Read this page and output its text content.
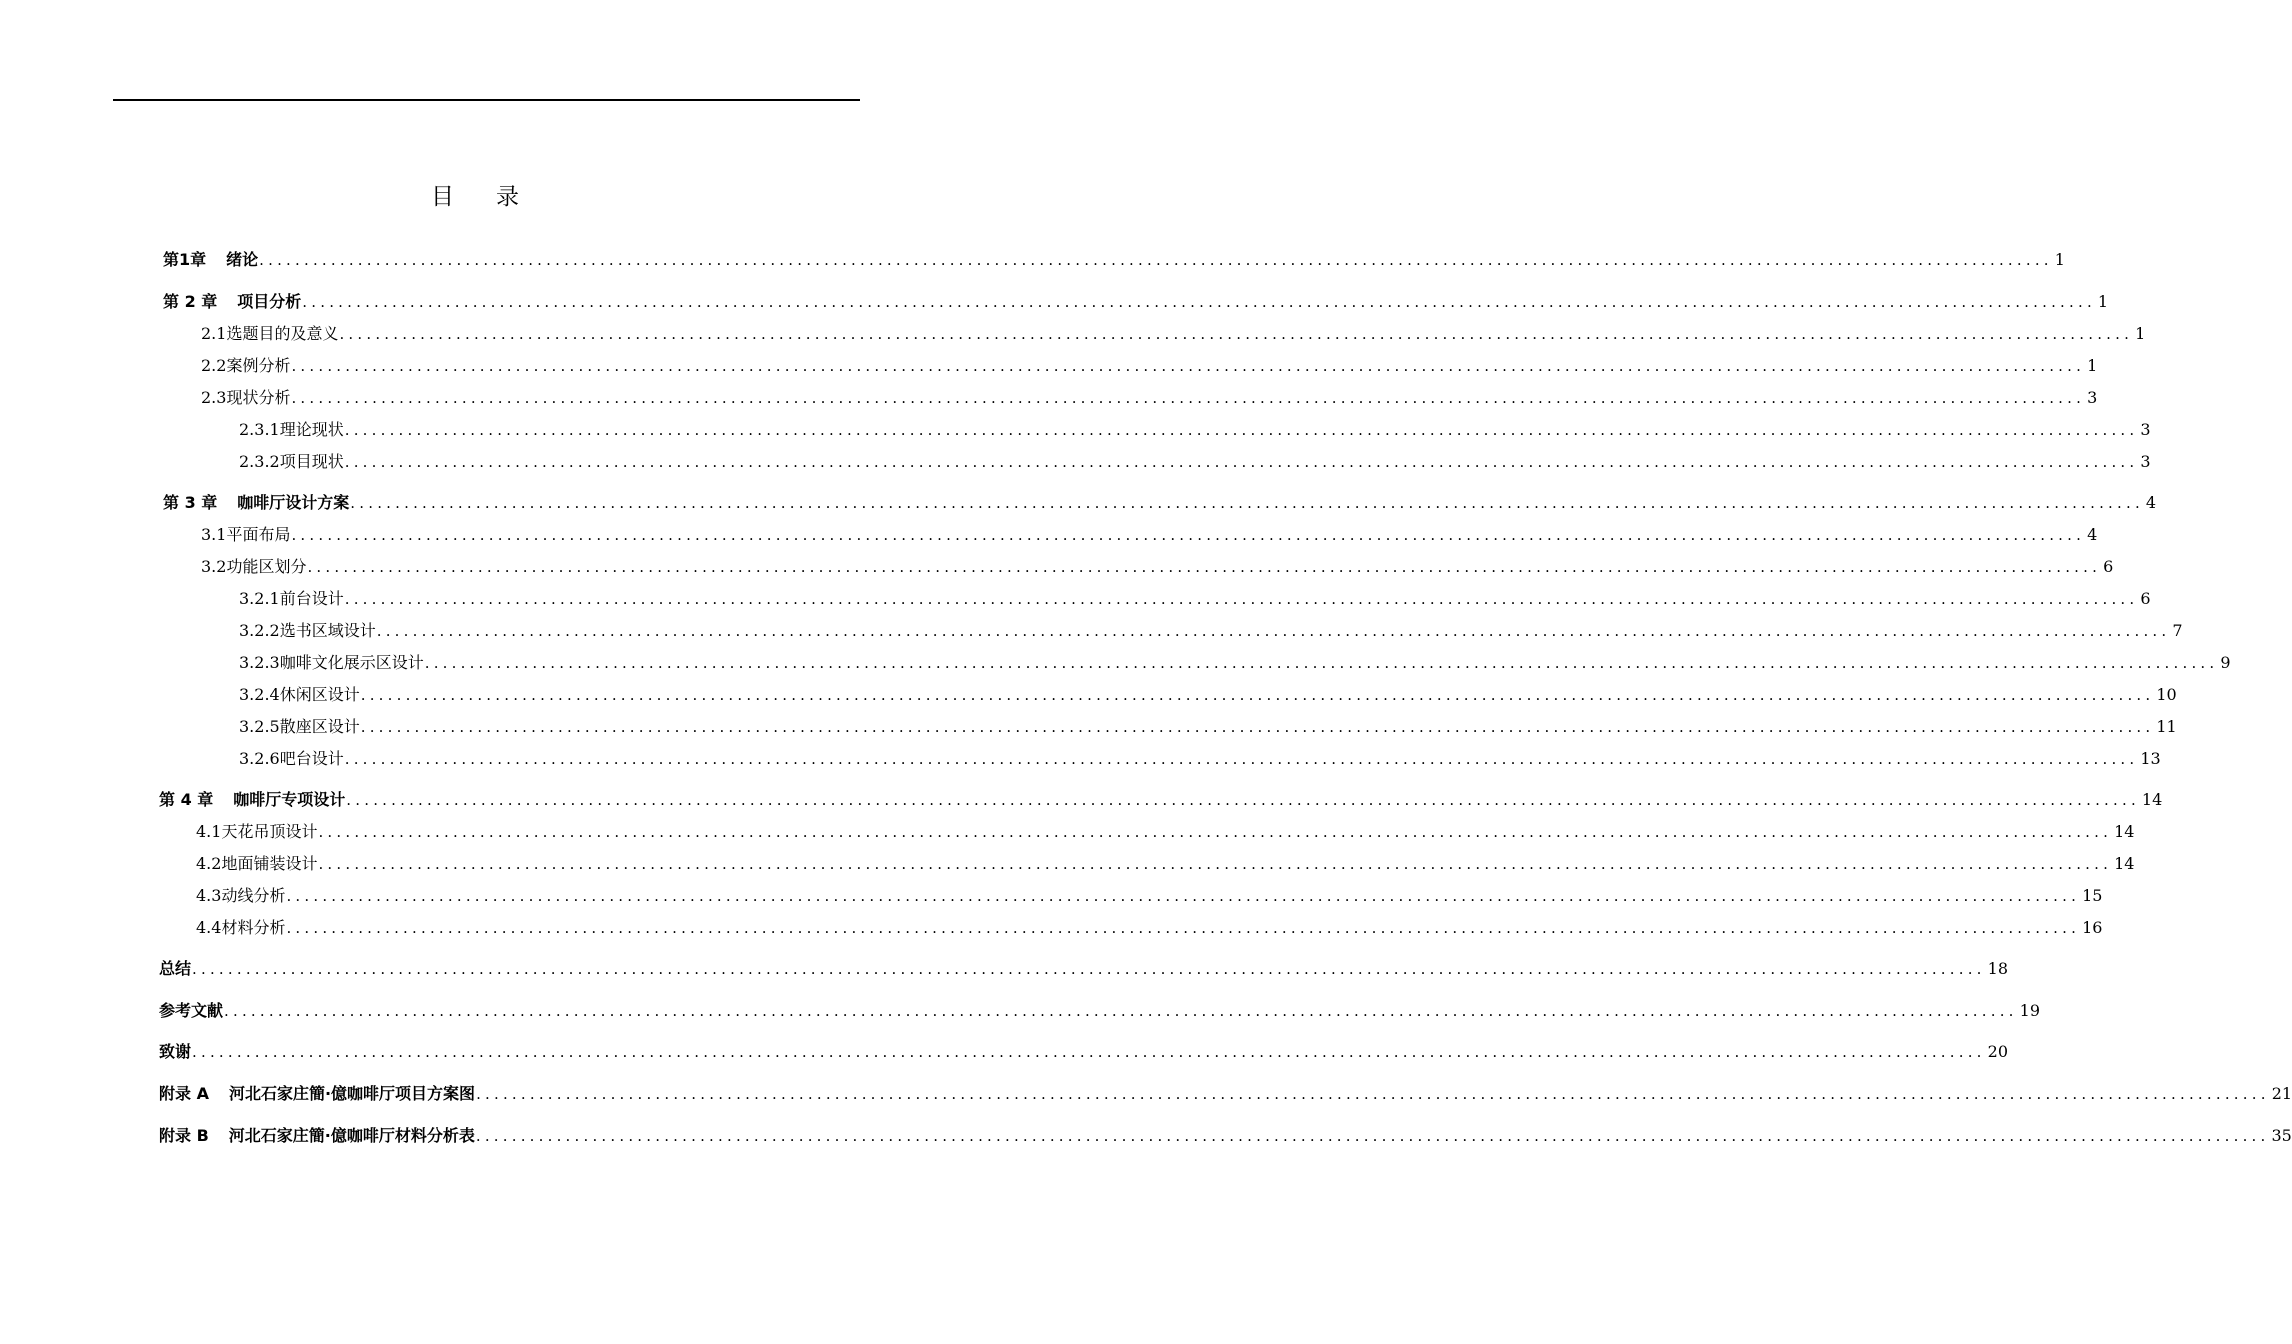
目 录
第1章 绪论 ........................................................................................................................................................................................................ 1
第 2 章 项目分析 ........................................................................................................................................................................................................ 1
2.1 选题目的及意义 ........................................................................................................................................................................................................ 1
2.2 案例分析 ........................................................................................................................................................................................................ 1
2.3 现状分析 ........................................................................................................................................................................................................ 3
2.3.1 理论现状 ........................................................................................................................................................................................................ 3
2.3.2 项目现状 ........................................................................................................................................................................................................ 3
第 3 章 咖啡厅设计方案 ........................................................................................................................................................................................................ 4
3.1 平面布局 ........................................................................................................................................................................................................ 4
3.2 功能区划分 ........................................................................................................................................................................................................ 6
3.2.1 前台设计 ........................................................................................................................................................................................................ 6
3.2.2 选书区域设计 ........................................................................................................................................................................................................ 7
3.2.3 咖啡文化展示区设计 ........................................................................................................................................................................................................ 9
3.2.4 休闲区设计 ........................................................................................................................................................................................................ 10
3.2.5 散座区设计 ........................................................................................................................................................................................................ 11
3.2.6 吧台设计 ........................................................................................................................................................................................................ 13
第 4 章 咖啡厅专项设计 ........................................................................................................................................................................................................ 14
4.1 天花吊顶设计 ........................................................................................................................................................................................................ 14
4.2 地面铺装设计 ........................................................................................................................................................................................................ 14
4.3 动线分析 ........................................................................................................................................................................................................ 15
4.4 材料分析 ........................................................................................................................................................................................................ 16
总结 ........................................................................................................................................................................................................ 18
参考文献 ........................................................................................................................................................................................................ 19
致谢 ........................................................................................................................................................................................................ 20
附录 A 河北石家庄簡·億咖啡厅项目方案图 ........................................................................................................................................................................................................ 21
附录 B 河北石家庄簡·億咖啡厅材料分析表 ........................................................................................................................................................................................................ 35
